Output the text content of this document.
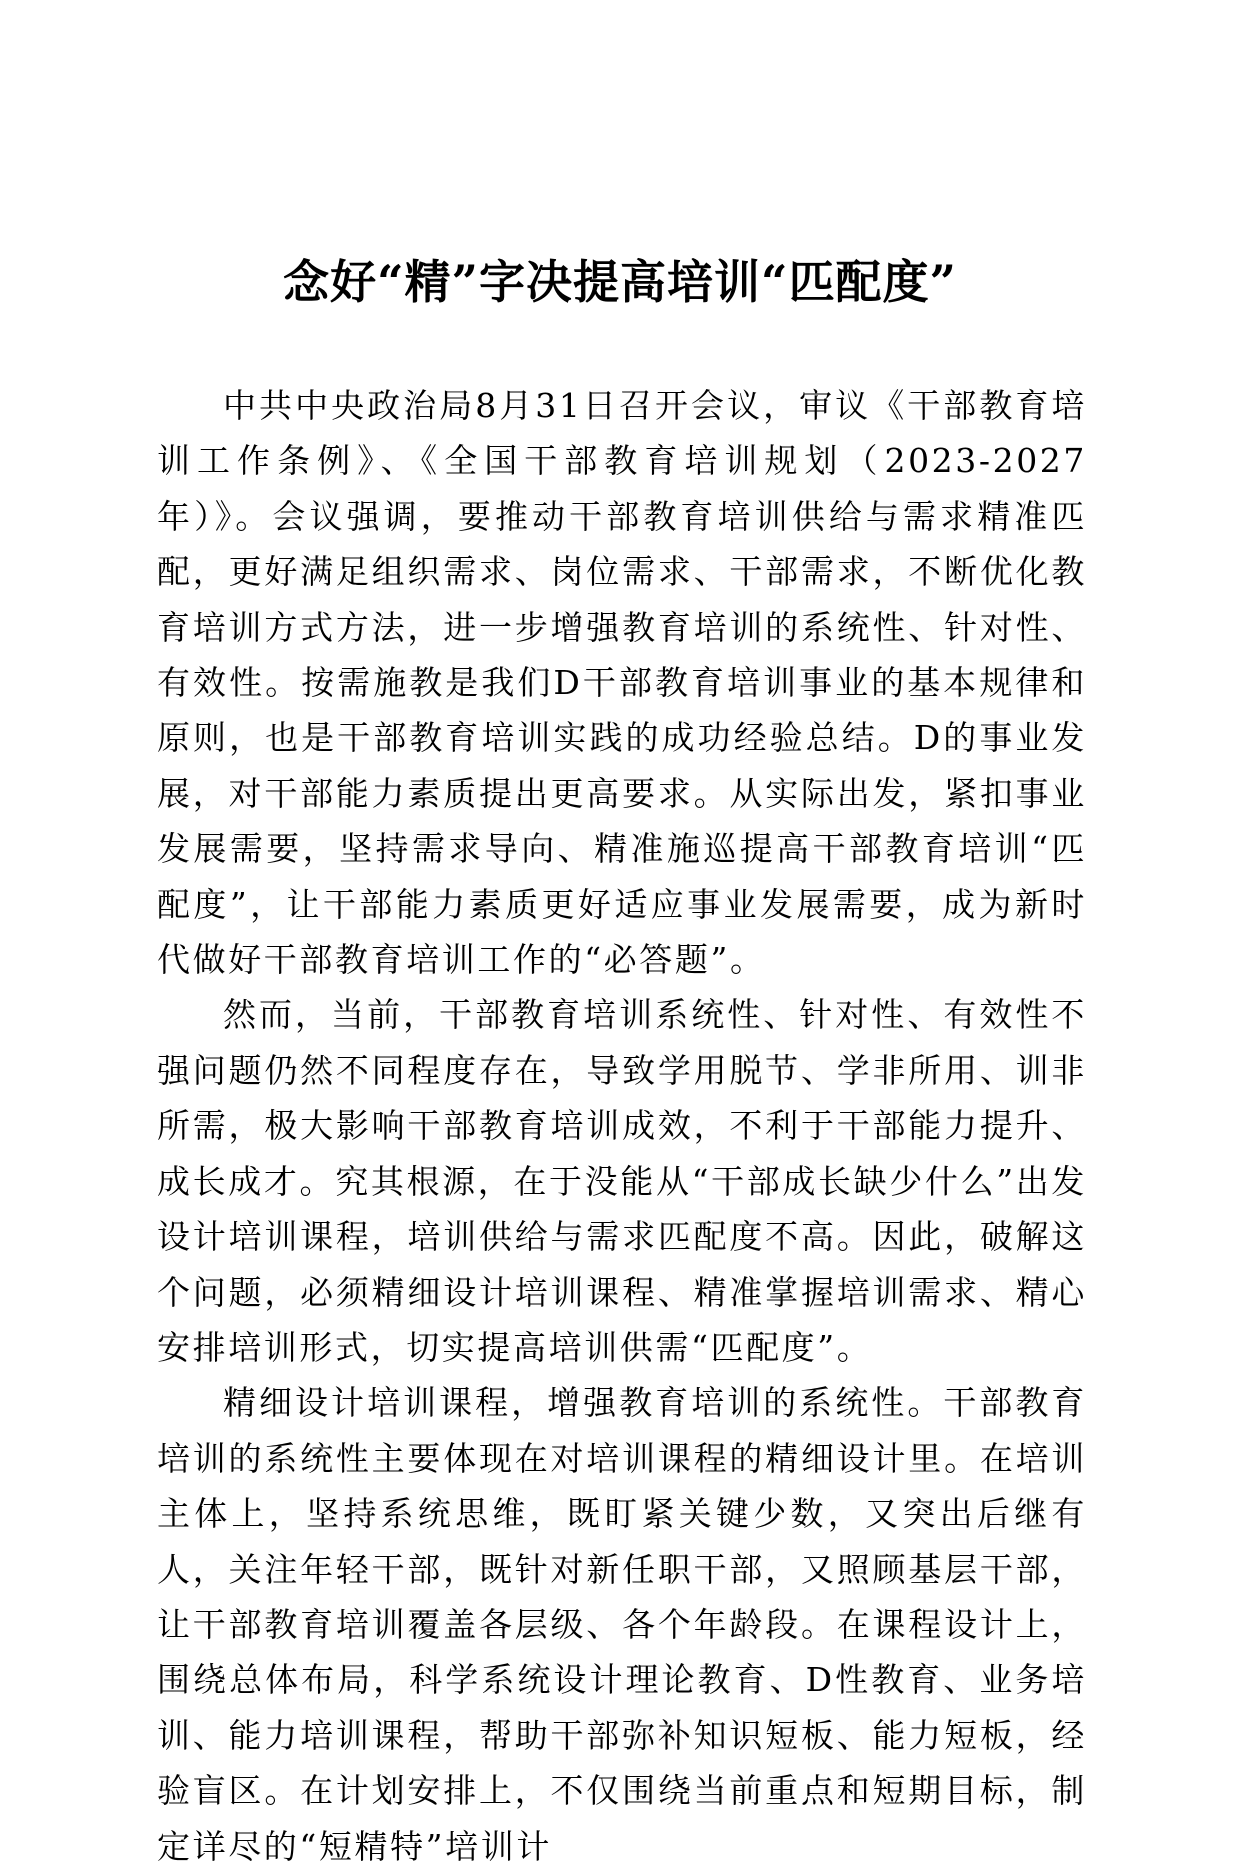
念好“精”字决提高培训“匹配度”

中共中央政治局8月31日召开会议，审议《干部教育培训工作条例》、《全国干部教育培训规划（2023-2027年）》。会议强调，要推动干部教育培训供给与需求精准匹配，更好满足组织需求、岗位需求、干部需求，不断优化教育培训方式方法，进一步增强教育培训的系统性、针对性、有效性。按需施教是我们D干部教育培训事业的基本规律和原则，也是干部教育培训实践的成功经验总结。D的事业发展，对干部能力素质提出更高要求。从实际出发，紧扣事业发展需要，坚持需求导向、精准施巡提高干部教育培训“匹配度”，让干部能力素质更好适应事业发展需要，成为新时代做好干部教育培训工作的“必答题”。

然而，当前，干部教育培训系统性、针对性、有效性不强问题仍然不同程度存在，导致学用脱节、学非所用、训非所需，极大影响干部教育培训成效，不利于干部能力提升、成长成才。究其根源，在于没能从“干部成长缺少什么”出发设计培训课程，培训供给与需求匹配度不高。因此，破解这个问题，必须精细设计培训课程、精准掌握培训需求、精心安排培训形式，切实提高培训供需“匹配度”。

精细设计培训课程，增强教育培训的系统性。干部教育培训的系统性主要体现在对培训课程的精细设计里。在培训主体上，坚持系统思维，既盯紧关键少数，又突出后继有人，关注年轻干部，既针对新任职干部，又照顾基层干部，让干部教育培训覆盖各层级、各个年龄段。在课程设计上，围绕总体布局，科学系统设计理论教育、D性教育、业务培训、能力培训课程，帮助干部弥补知识短板、能力短板，经验盲区。在计划安排上，不仅围绕当前重点和短期目标，制定详尽的“短精特”培训计
